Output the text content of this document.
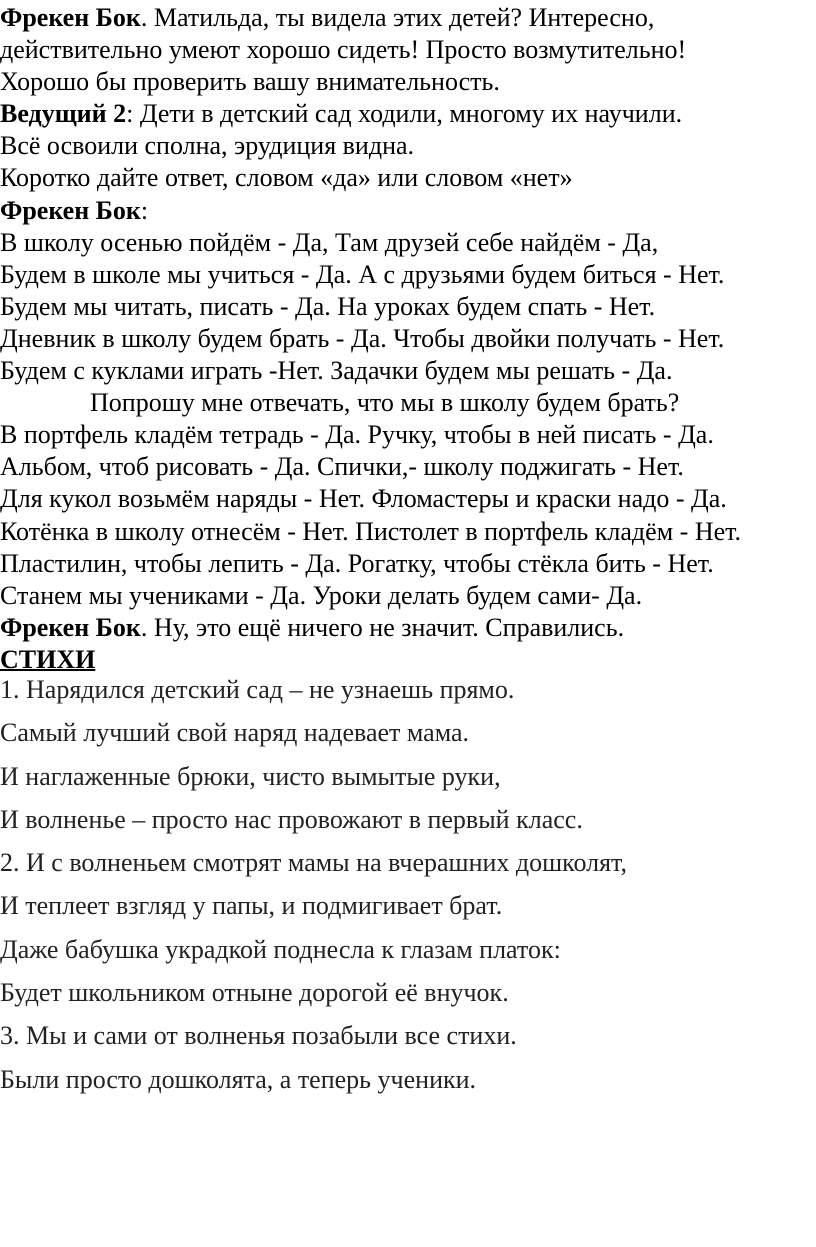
Фрекен Бок. Матильда, ты видела этих детей? Интересно,
действительно умеют хорошо сидеть! Просто возмутительно!
Хорошо бы проверить вашу внимательность.
Ведущий 2: Дети в детский сад ходили, многому их научили.
Всё освоили сполна, эрудиция видна.
Коротко дайте ответ, словом «да» или словом «нет»
Фрекен Бок:
В школу осенью пойдём - Да, Там друзей себе найдём - Да,
Будем в школе мы учиться - Да. А с друзьями будем биться - Нет.
Будем мы читать, писать - Да. На уроках будем спать - Нет.
Дневник в школу будем брать - Да. Чтобы двойки получать - Нет.
Будем с куклами играть -Нет. Задачки будем мы решать - Да.
Попрошу мне отвечать, что мы в школу будем брать?
В портфель кладём тетрадь - Да. Ручку, чтобы в ней писать - Да.
Альбом, чтоб рисовать - Да. Спички,- школу поджигать - Нет.
Для кукол возьмём наряды - Нет. Фломастеры и краски надо - Да.
Котёнка в школу отнесём - Нет. Пистолет в портфель кладём - Нет.
Пластилин, чтобы лепить - Да. Рогатку, чтобы стёкла бить - Нет.
Станем мы учениками - Да. Уроки делать будем сами- Да.
Фрекен Бок. Ну, это ещё ничего не значит. Справились.
СТИХИ
1. Нарядился детский сад – не узнаешь прямо.
Самый лучший свой наряд надевает мама.
И наглаженные брюки, чисто вымытые руки,
И волненье – просто нас провожают в первый класс.
2. И с волненьем смотрят мамы на вчерашних дошколят,
И теплеет взгляд у папы, и подмигивает брат.
Даже бабушка украдкой поднесла к глазам платок:
Будет школьником отныне дорогой её внучок.
3. Мы и сами от волненья позабыли все стихи.
Были просто дошколята, а теперь ученики.
